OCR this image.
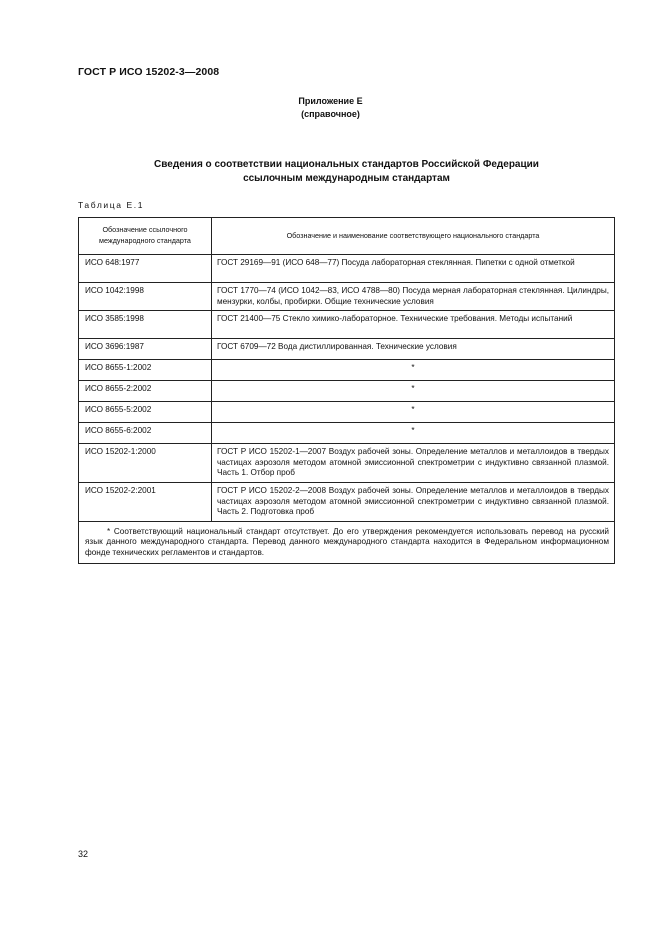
ГОСТ Р ИСО 15202-3—2008
Приложение Е
(справочное)
Сведения о соответствии национальных стандартов Российской Федерации
ссылочным международным стандартам
Таблица Е.1
Обозначение ссылочного международного стандарта	Обозначение и наименование соответствующего национального стандарта
ИСО 648:1977	ГОСТ 29169—91 (ИСО 648—77) Посуда лабораторная стеклянная. Пипетки с одной отметкой
ИСО 1042:1998	ГОСТ 1770—74 (ИСО 1042—83, ИСО 4788—80) Посуда мерная лабораторная стеклянная. Цилиндры, мензурки, колбы, пробирки. Общие технические условия
ИСО 3585:1998	ГОСТ 21400—75 Стекло химико-лабораторное. Технические требования. Методы испытаний
ИСО 3696:1987	ГОСТ 6709—72 Вода дистиллированная. Технические условия
ИСО 8655-1:2002	*
ИСО 8655-2:2002	*
ИСО 8655-5:2002	*
ИСО 8655-6:2002	*
ИСО 15202-1:2000	ГОСТ Р ИСО 15202-1—2007 Воздух рабочей зоны. Определение металлов и металлоидов в твердых частицах аэрозоля методом атомной эмиссионной спектрометрии с индуктивно связанной плазмой. Часть 1. Отбор проб
ИСО 15202-2:2001	ГОСТ Р ИСО 15202-2—2008 Воздух рабочей зоны. Определение металлов и металлоидов в твердых частицах аэрозоля методом атомной эмиссионной спектрометрии с индуктивно связанной плазмой. Часть 2. Подготовка проб

* Соответствующий национальный стандарт отсутствует. До его утверждения рекомендуется использовать перевод на русский язык данного международного стандарта. Перевод данного международного стандарта находится в Федеральном информационном фонде технических регламентов и стандартов.	
32
